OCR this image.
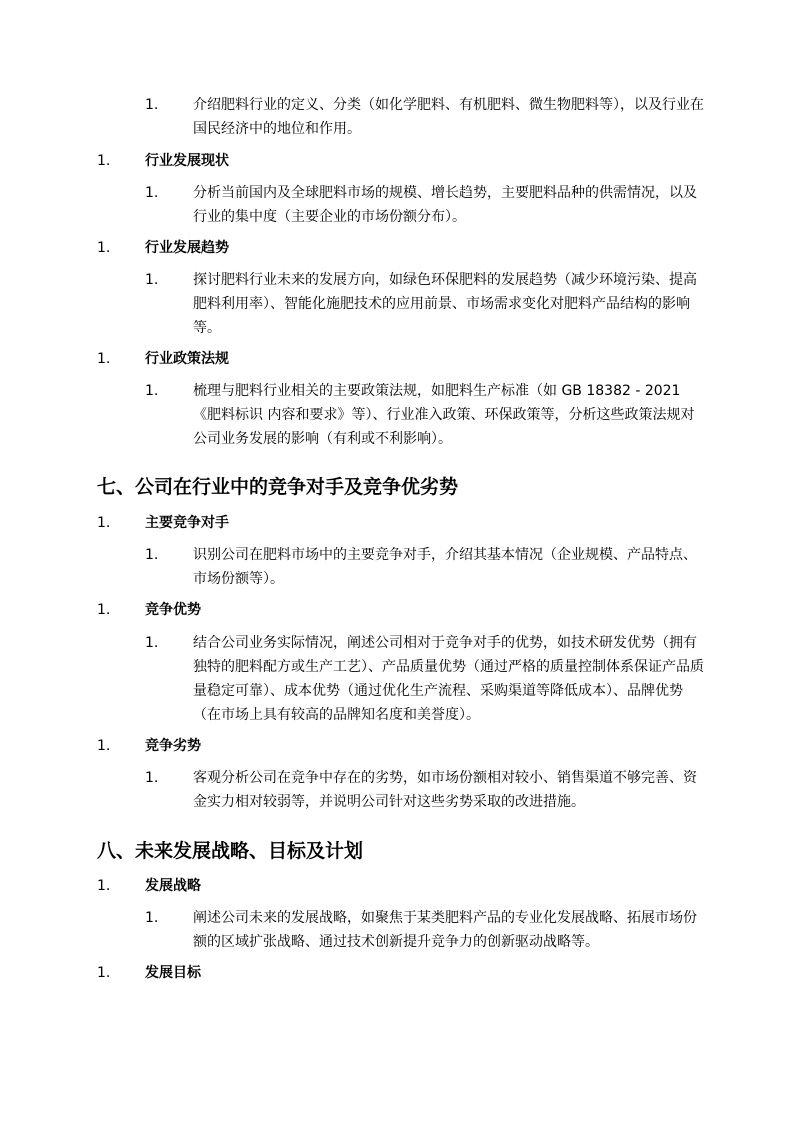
1. 介绍肥料行业的定义、分类（如化学肥料、有机肥料、微生物肥料等），以及行业在国民经济中的地位和作用。
1. 行业发展现状
1. 分析当前国内及全球肥料市场的规模、增长趋势，主要肥料品种的供需情况，以及行业的集中度（主要企业的市场份额分布）。
1. 行业发展趋势
1. 探讨肥料行业未来的发展方向，如绿色环保肥料的发展趋势（减少环境污染、提高肥料利用率）、智能化施肥技术的应用前景、市场需求变化对肥料产品结构的影响等。
1. 行业政策法规
1. 梳理与肥料行业相关的主要政策法规，如肥料生产标准（如 GB 18382 - 2021《肥料标识 内容和要求》等）、行业准入政策、环保政策等，分析这些政策法规对公司业务发展的影响（有利或不利影响）。
七、公司在行业中的竞争对手及竞争优劣势
1. 主要竞争对手
1. 识别公司在肥料市场中的主要竞争对手，介绍其基本情况（企业规模、产品特点、市场份额等）。
1. 竞争优势
1. 结合公司业务实际情况，阐述公司相对于竞争对手的优势，如技术研发优势（拥有独特的肥料配方或生产工艺）、产品质量优势（通过严格的质量控制体系保证产品质量稳定可靠）、成本优势（通过优化生产流程、采购渠道等降低成本）、品牌优势（在市场上具有较高的品牌知名度和美誉度）。
1. 竞争劣势
1. 客观分析公司在竞争中存在的劣势，如市场份额相对较小、销售渠道不够完善、资金实力相对较弱等，并说明公司针对这些劣势采取的改进措施。
八、未来发展战略、目标及计划
1. 发展战略
1. 阐述公司未来的发展战略，如聚焦于某类肥料产品的专业化发展战略、拓展市场份额的区域扩张战略、通过技术创新提升竞争力的创新驱动战略等。
1. 发展目标
